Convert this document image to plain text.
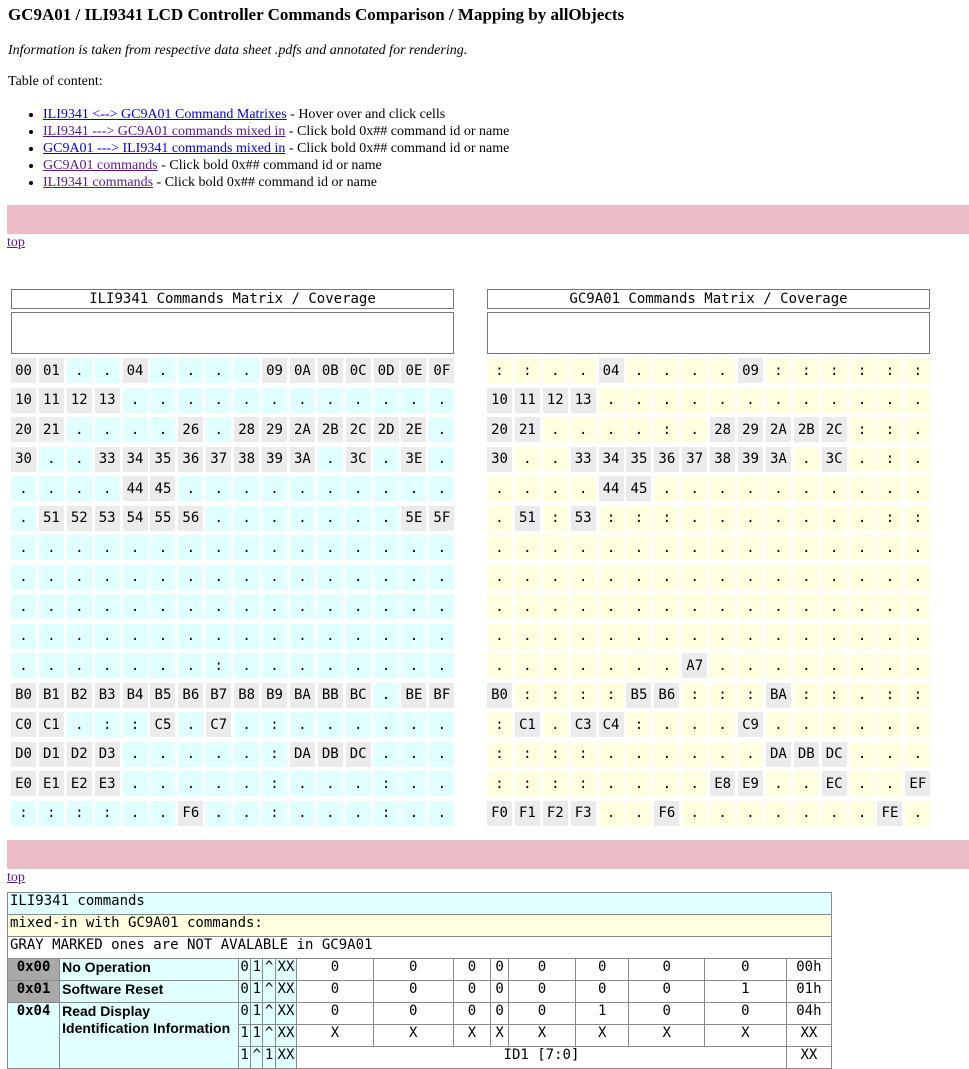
GC9A01 / ILI9341 LCD Controller Commands Comparison / Mapping by allObjects

Information is taken from respective data sheet .pdfs and annotated for rendering.

Table of content:

• ILI9341 <--> GC9A01 Command Matrixes - Hover over and click cells
• ILI9341 ---> GC9A01 commands mixed in - Click bold 0x## command id or name
• GC9A01 ---> ILI9341 commands mixed in - Click bold 0x## command id or name
• GC9A01 commands - Click bold 0x## command id or name
• ILI9341 commands - Click bold 0x## command id or name
top
ILI9341 Commands Matrix / Coverage
00 01	.	.	04	.	.	.	.	09 0A 0B 0C 0D 0E 0F
10 11 12 13	.	.	.	.	.	.	.	.	.	.	.	.
20 21	.	.	.	.	26	.	28 29 2A 2B 2C 2D 2E	.
30	.	.	33 34 35 36 37 38 39 3A	.	3C	.	3E	.
.	.	.	.	44 45	.	.	.	.	.	.	.	.	.	.
.	51 52 53 54 55 56	.	.	.	.	.	.	.	5E 5F
.	.	.	.	.	.	.	.	.	.	.	.	.	.	.	.
.	.	.	.	.	.	.	.	.	.	.	.	.	.	.	.
.	.	.	.	.	.	.	.	.	.	.	.	.	.	.	.
.	.	.	.	.	.	.	.	.	.	.	.	.	.	.	.
.	.	.	.	.	.	.	:	.	.	.	.	.	.	.	.
B0 B1 B2 B3 B4 B5 B6 B7 B8 B9 BA BB BC	.	BE BF
C0 C1	.	:	:	C5	.	C7	.	:	.	.	.	.	.	.
D0 D1 D2 D3	.	.	.	.	.	:	DA DB DC	.	.	.
E0 E1 E2 E3	.	.	.	.	.	:	.	.	.	:	.	.
:	:	:	:	.	.	F6	.	.	:	.	.	.	:	.	.
GC9A01 Commands Matrix / Coverage
:	:	.	.	04	.	.	.	.	09	:	:	:	:	:	:
10 11 12 13	.	.	.	.	.	.	.	.	.	.	.	.
20 21	.	.	.	.	:	.	28 29 2A 2B 2C	:	:	.
30	.	.	33 34 35 36 37 38 39 3A	.	3C	.	:	.
.	.	.	.	44 45	.	.	.	.	.	.	.	.	.	.
.	51	:	53	:	:	:	.	.	.	.	.	.	.	:	:
.	.	.	.	.	.	.	.	.	.	.	.	.	.	.	.
.	.	.	.	.	.	.	.	.	.	.	.	.	.	.	.
.	.	.	.	.	.	.	.	.	.	.	.	.	.	.	.
.	.	.	.	.	.	.	.	.	.	.	.	.	.	.	.
.	.	.	.	.	.	.	A7	.	.	.	.	.	.	.	.
B0	:	:	:	:	B5 B6	:	:	:	BA	:	:	.	:	:
:	C1	.	C3 C4	:	.	.	.	C9	.	.	.	.	.	.
:	:	:	:	.	.	.	.	.	.	DA DB DC	.	.	.
:	:	:	:	.	.	.	.	E8 E9	.	.	EC	.	.	EF
F0 F1 F2 F3	.	.	F6	.	.	.	.	.	.	.	FE	.
top
ILI9341 commands														
mixed-in with GC9A01 commands:														
GRAY MARKED ones are NOT AVALABLE in GC9A01														
0x00	No Operation	0	1	^	XX	0	0	0	0	0	0	0	0	00h
0x01	Software Reset	0	1	^	XX	0	0	0	0	0	0	0	1	01h
0x04	Read Display Identification Information	0	1	^	XX	0	0	0	0	0	1	0	0	04h
		1	1	^	XX	X	X	X	X	X	X	X	X	XX
		1	^	1	XX	ID1 [7:0]								XX
